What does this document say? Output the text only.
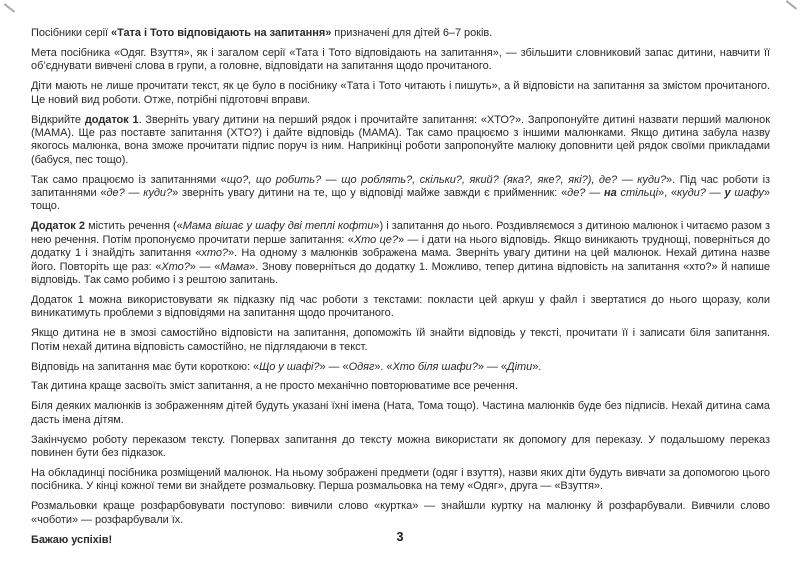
Посібники серії «Тата і Тото відповідають на запитання» призначені для дітей 6–7 років.

Мета посібника «Одяг. Взуття», як і загалом серії «Тата і Тото відповідають на запитання», — збільшити словниковий запас дитини, навчити її об’єднувати вивчені слова в групи, а головне, відповідати на запитання щодо прочитаного.

Діти мають не лише прочитати текст, як це було в посібнику «Тата і Тото читають і пишуть», а й відповісти на запитання за змістом прочитаного. Це новий вид роботи. Отже, потрібні підготовчі вправи.

Відкрийте додаток 1. Зверніть увагу дитини на перший рядок і прочитайте запитання: «ХТО?». Запропонуйте дитині назвати перший малюнок (МАМА). Ще раз поставте запитання (ХТО?) і дайте відповідь (МАМА). Так само працюємо з іншими малюнками. Якщо дитина забула назву якогось малюнка, вона зможе прочитати підпис поруч із ним. Наприкінці роботи запропонуйте малюку доповнити цей рядок своїми прикладами (бабуся, пес тощо).

Так само працюємо із запитаннями «що?, що робить? — що роблять?, скільки?, який? (яка?, яке?, які?), де? — куди?». Під час роботи із запитаннями «де? — куди?» зверніть увагу дитини на те, що у відповіді майже завжди є прийменник: «де? — на стільці», «куди? — у шафу» тощо.

Додаток 2 містить речення («Мама вішає у шафу дві теплі кофти») і запитання до нього. Роздивляємося з дитиною малюнок і читаємо разом з нею речення. Потім пропонуємо прочитати перше запитання: «Хто це?» — і дати на нього відповідь. Якщо виникають труднощі, поверніться до додатку 1 і знайдіть запитання «хто?». На одному з малюнків зображена мама. Зверніть увагу дитини на цей малюнок. Нехай дитина назве його. Повторіть ще раз: «Хто?» — «Мама». Знову поверніться до додатку 1. Можливо, тепер дитина відповість на запитання «хто?» й напише відповідь. Так само робимо і з рештою запитань.

Додаток 1 можна використовувати як підказку під час роботи з текстами: покласти цей аркуш у файл і звертатися до нього щоразу, коли виникатимуть проблеми з відповідями на запитання щодо прочитаного.

Якщо дитина не в змозі самостійно відповісти на запитання, допоможіть їй знайти відповідь у тексті, прочитати її і записати біля запитання. Потім нехай дитина відповість самостійно, не підглядаючи в текст.

Відповідь на запитання має бути короткою: «Що у шафі?» — «Одяг». «Хто біля шафи?» — «Діти».

Так дитина краще засвоїть зміст запитання, а не просто механічно повторюватиме все речення.

Біля деяких малюнків із зображенням дітей будуть указані їхні імена (Ната, Тома тощо). Частина малюнків буде без підписів. Нехай дитина сама дасть імена дітям.

Закінчуємо роботу переказом тексту. Попервах запитання до тексту можна використати як допомогу для переказу. У подальшому переказ повинен бути без підказок.

На обкладинці посібника розміщений малюнок. На ньому зображені предмети (одяг і взуття), назви яких діти будуть вивчати за допомогою цього посібника. У кінці кожної теми ви знайдете розмальовку. Перша розмальовка на тему «Одяг», друга — «Взуття».

Розмальовки краще розфарбовувати поступово: вивчили слово «куртка» — знайшли куртку на малюнку й розфарбували. Вивчили слово «чоботи» — розфарбували їх.

Бажаю успіхів!	3
